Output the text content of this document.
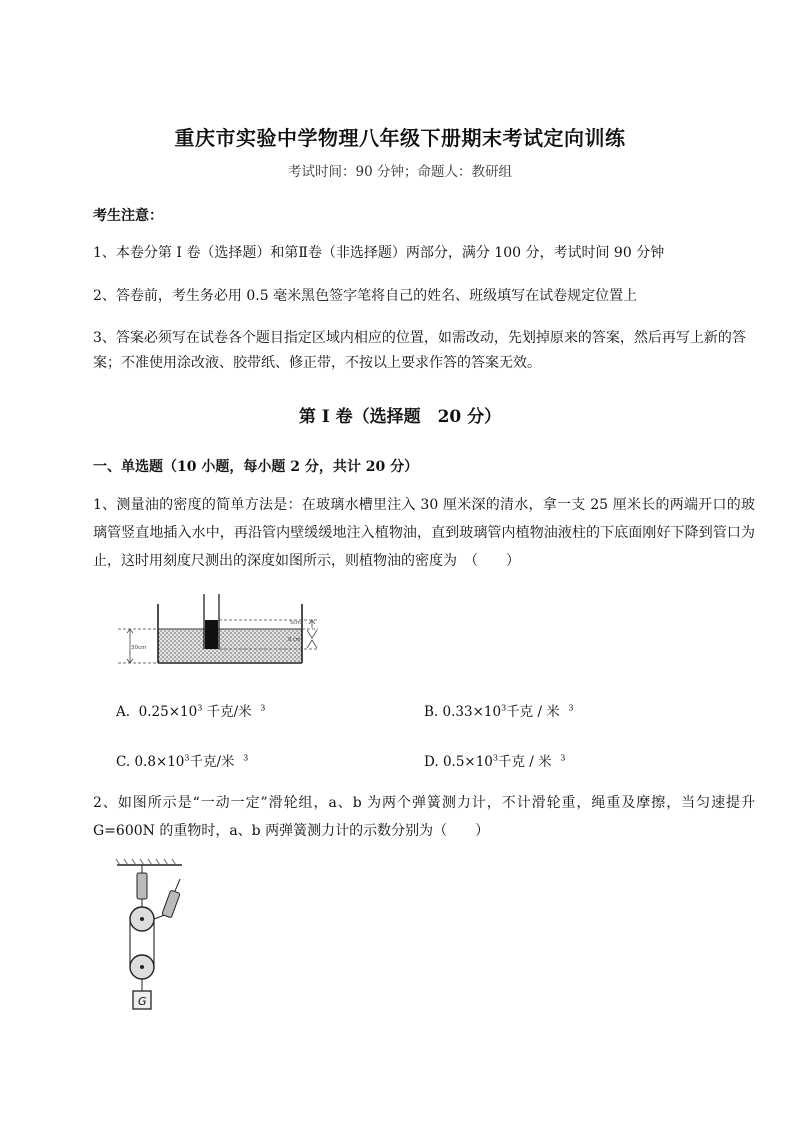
重庆市实验中学物理八年级下册期末考试定向训练
考试时间：90 分钟；命题人：教研组
考生注意：
1、本卷分第 I 卷（选择题）和第Ⅱ卷（非选择题）两部分，满分 100 分，考试时间 90 分钟
2、答卷前，考生务必用 0.5 毫米黑色签字笔将自己的姓名、班级填写在试卷规定位置上
3、答案必须写在试卷各个题目指定区域内相应的位置，如需改动，先划掉原来的答案，然后再写上新的答案；不准使用涂改液、胶带纸、修正带，不按以上要求作答的答案无效。
第 I 卷（选择题　20 分）
一、单选题（10 小题，每小题 2 分，共计 20 分）
1、测量油的密度的简单方法是：在玻璃水槽里注入 30 厘米深的清水，拿一支 25 厘米长的两端开口的玻璃管竖直地插入水中，再沿管内壁缓缓地注入植物油，直到玻璃管内植物油液柱的下底面刚好下降到管口为止，这时用刻度尺测出的深度如图所示，则植物油的密度为　（　　）
30cm
5cm
8 cm
A. $0.25\times 10^3$ 千克/米 $^3$	B. $0.33\times 10^3$千克 / 米 $^3$
C. $0.8\times 10^3$千克/米 $^3$	D. $0.5\times 10^3$千克 / 米 $^3$
2、如图所示是“一动一定”滑轮组，a、b 为两个弹簧测力计，不计滑轮重，绳重及摩擦，当匀速提升 G=600N 的重物时，a、b 两弹簧测力计的示数分别为（　　）
G
